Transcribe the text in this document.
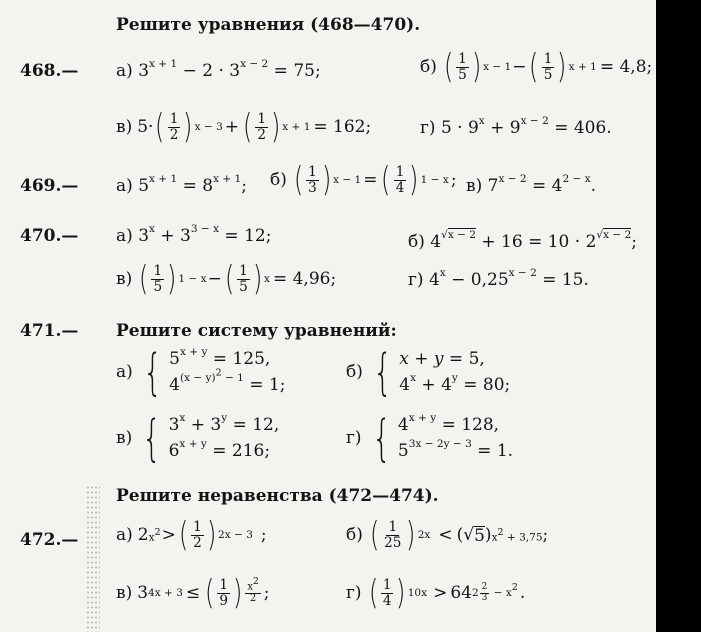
Решите уравнения (468—470).
468.— а) $3^{x + 1} - 2 \cdot 3^{x - 2} = 75$;	б) ( $\frac{1}{5}$ ) x − 1 − ( $\frac{1}{5}$ ) x + 1 = 4,8;
в) 5· ( $\frac{1}{2}$ ) x − 3 + ( $\frac{1}{2}$ ) x + 1 = 162;	г) $5 \cdot 9^x + 9^{x - 2} = 406$.
469.— а) $5^{x + 1} = 8^{x + 1}$; б) ( $\frac{1}{3}$ ) x − 1 = ( $\frac{1}{4}$ ) 1 − x ; в) $7^{x - 2} = 4^{2 - x}$.
470.— а) $3^x + 3^{3 - x} = 12$;	б) $4^{√x - 2} + 16 = 10 \cdot 2^{√x - 2}$;
в) ( $\frac{1}{5}$ ) 1 − x − ( $\frac{1}{5}$ ) x = 4,96;	г) $4^x - 0,25^{x - 2} = 15$.
471.— Решите систему уравнений:
а) { $5^{x + y} = 125$,
$4^{(x - y)^2 - 1} = 1$;
б) { x + y = 5,
$4^x + 4^y = 80$;
в) { $3^x + 3^y = 12$,
$6^{x + y} = 216$;
г) { $4^{x + y} = 128$,
$5^{3x - 2y - 3} = 1$.
Решите неравенства (472—474).
472.— а) 2 $x^2$ > ( $\frac{1}{2}$ ) 2x − 3 ;	б) ( $\frac{1}{25}$ ) 2x < ( √ 5 ) $x^2 + 3,75$ ;
в) 3 4x + 3 ≤ ( $\frac{1}{9}$ ) $\frac{x^2}{2}$ ;	г) ( $\frac{1}{4}$ ) 10x > 64 $2 \frac{2}{3} - x^2$ .
